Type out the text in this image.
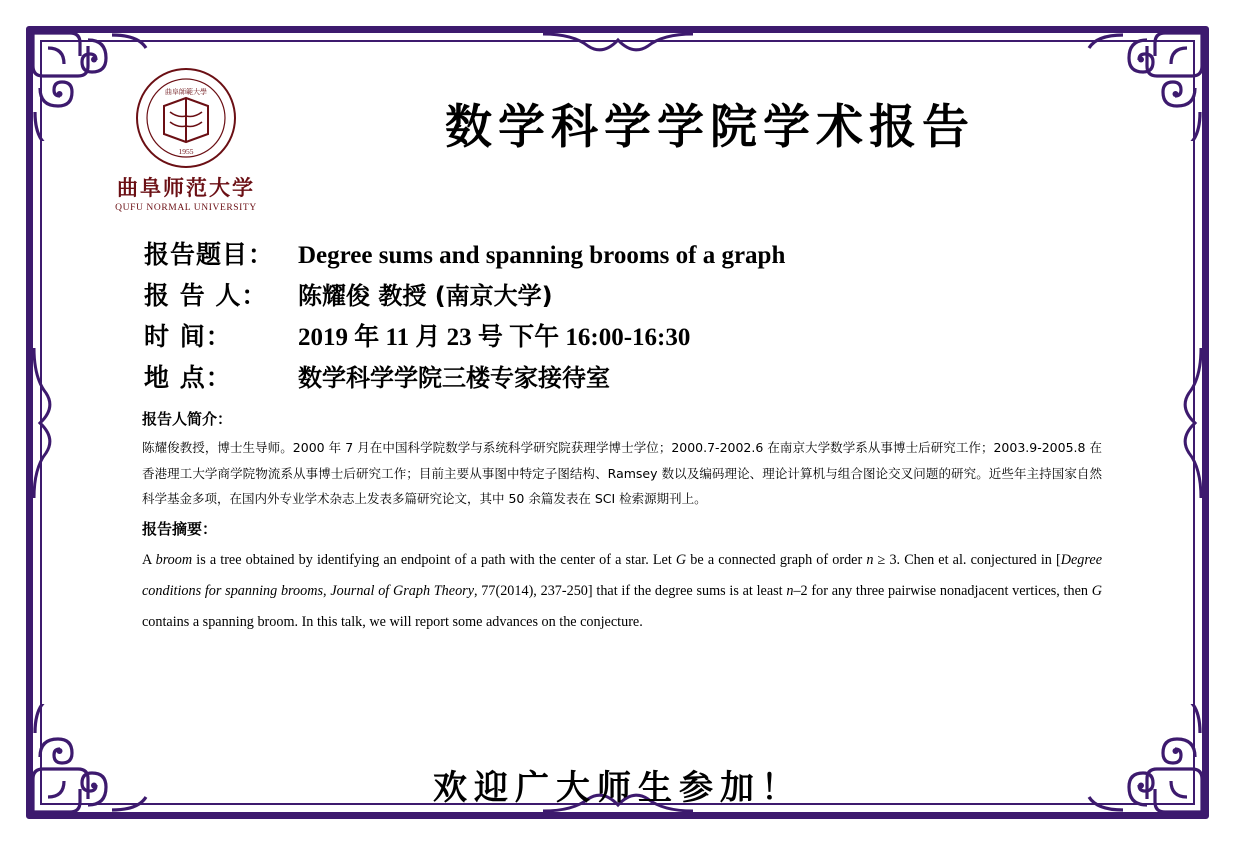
曲阜師範大學
1955
曲阜师范大学
QUFU NORMAL UNIVERSITY
数学科学学院学术报告
报告题目： Degree sums and spanning brooms of a graph
报 告 人：	陈耀俊 教授 (南京大学)
时 间：	2019 年 11 月 23 号 下午 16:00-16:30
地 点：	数学科学学院三楼专家接待室
报告人简介：
陈耀俊教授，博士生导师。2000 年 7 月在中国科学院数学与系统科学研究院获理学博士学位；2000.7-2002.6 在南京大学数学系从事博士后研究工作；2003.9-2005.8 在香港理工大学商学院物流系从事博士后研究工作；目前主要从事图中特定子图结构、Ramsey 数以及编码理论、理论计算机与组合图论交叉问题的研究。近些年主持国家自然科学基金多项，在国内外专业学术杂志上发表多篇研究论文，其中 50 余篇发表在 SCI 检索源期刊上。
报告摘要：
A broom is a tree obtained by identifying an endpoint of a path with the center of a star. Let G be a connected graph of order n ≥ 3. Chen et al. conjectured in [Degree conditions for spanning brooms, Journal of Graph Theory, 77(2014), 237-250] that if the degree sums is at least n–2 for any three pairwise nonadjacent vertices, then G contains a spanning broom. In this talk, we will report some advances on the conjecture.
欢迎广大师生参加！
